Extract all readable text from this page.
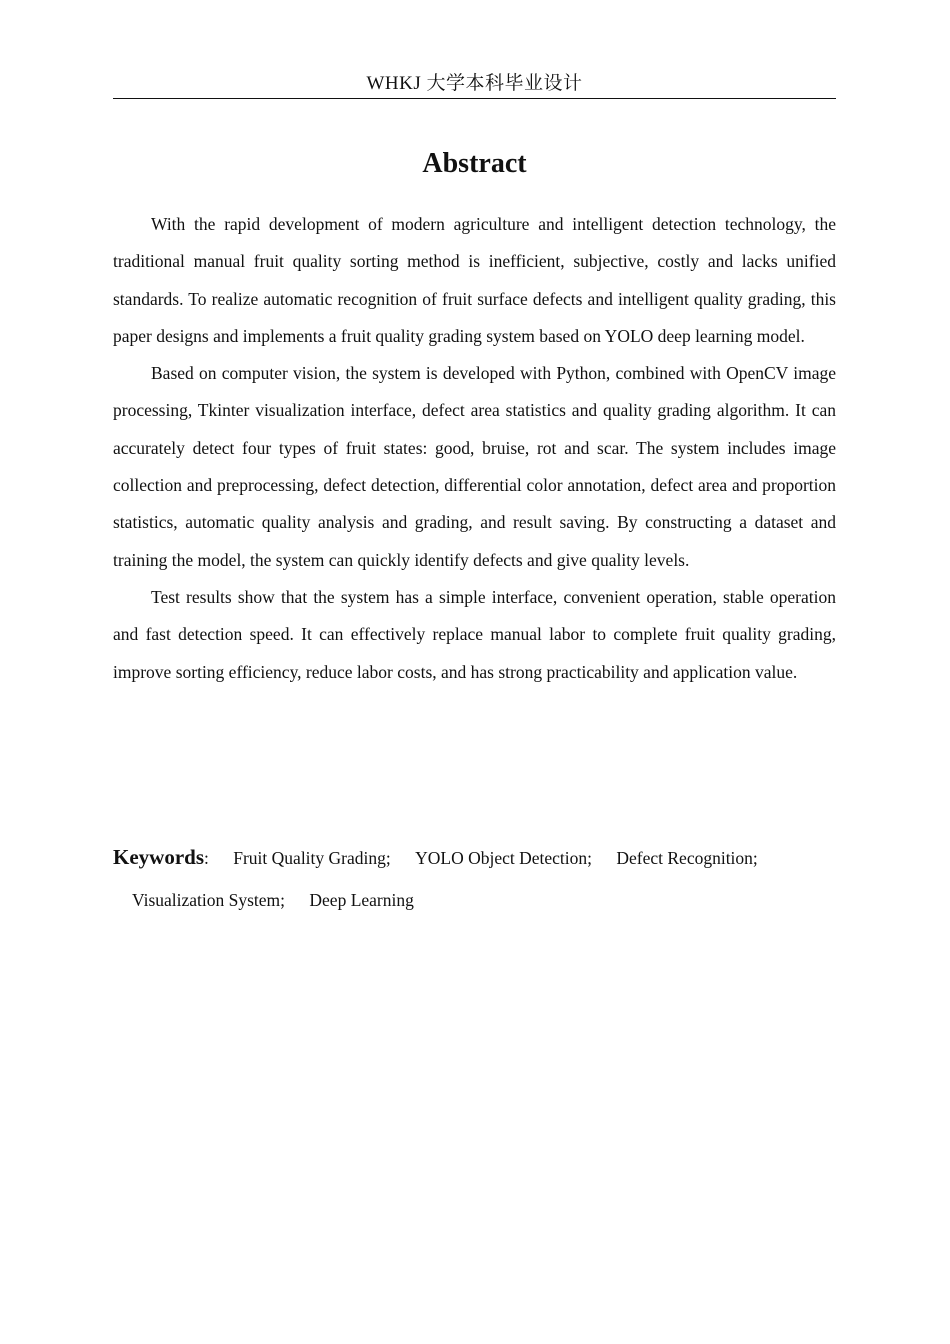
WHKJ 大学本科毕业设计
Abstract

With the rapid development of modern agriculture and intelligent detection technology, the traditional manual fruit quality sorting method is inefficient, subjective, costly and lacks unified standards. To realize automatic recognition of fruit surface defects and intelligent quality grading, this paper designs and implements a fruit quality grading system based on YOLO deep learning model.

Based on computer vision, the system is developed with Python, combined with OpenCV image processing, Tkinter visualization interface, defect area statistics and quality grading algorithm. It can accurately detect four types of fruit states: good, bruise, rot and scar. The system includes image collection and preprocessing, defect detection, differential color annotation, defect area and proportion statistics, automatic quality analysis and grading, and result saving. By constructing a dataset and training the model, the system can quickly identify defects and give quality levels.

Test results show that the system has a simple interface, convenient operation, stable operation and fast detection speed. It can effectively replace manual labor to complete fruit quality grading, improve sorting efficiency, reduce labor costs, and has strong practicability and application value.

Keywords: Fruit Quality Grading; YOLO Object Detection; Defect Recognition;
Visualization System; Deep Learning
